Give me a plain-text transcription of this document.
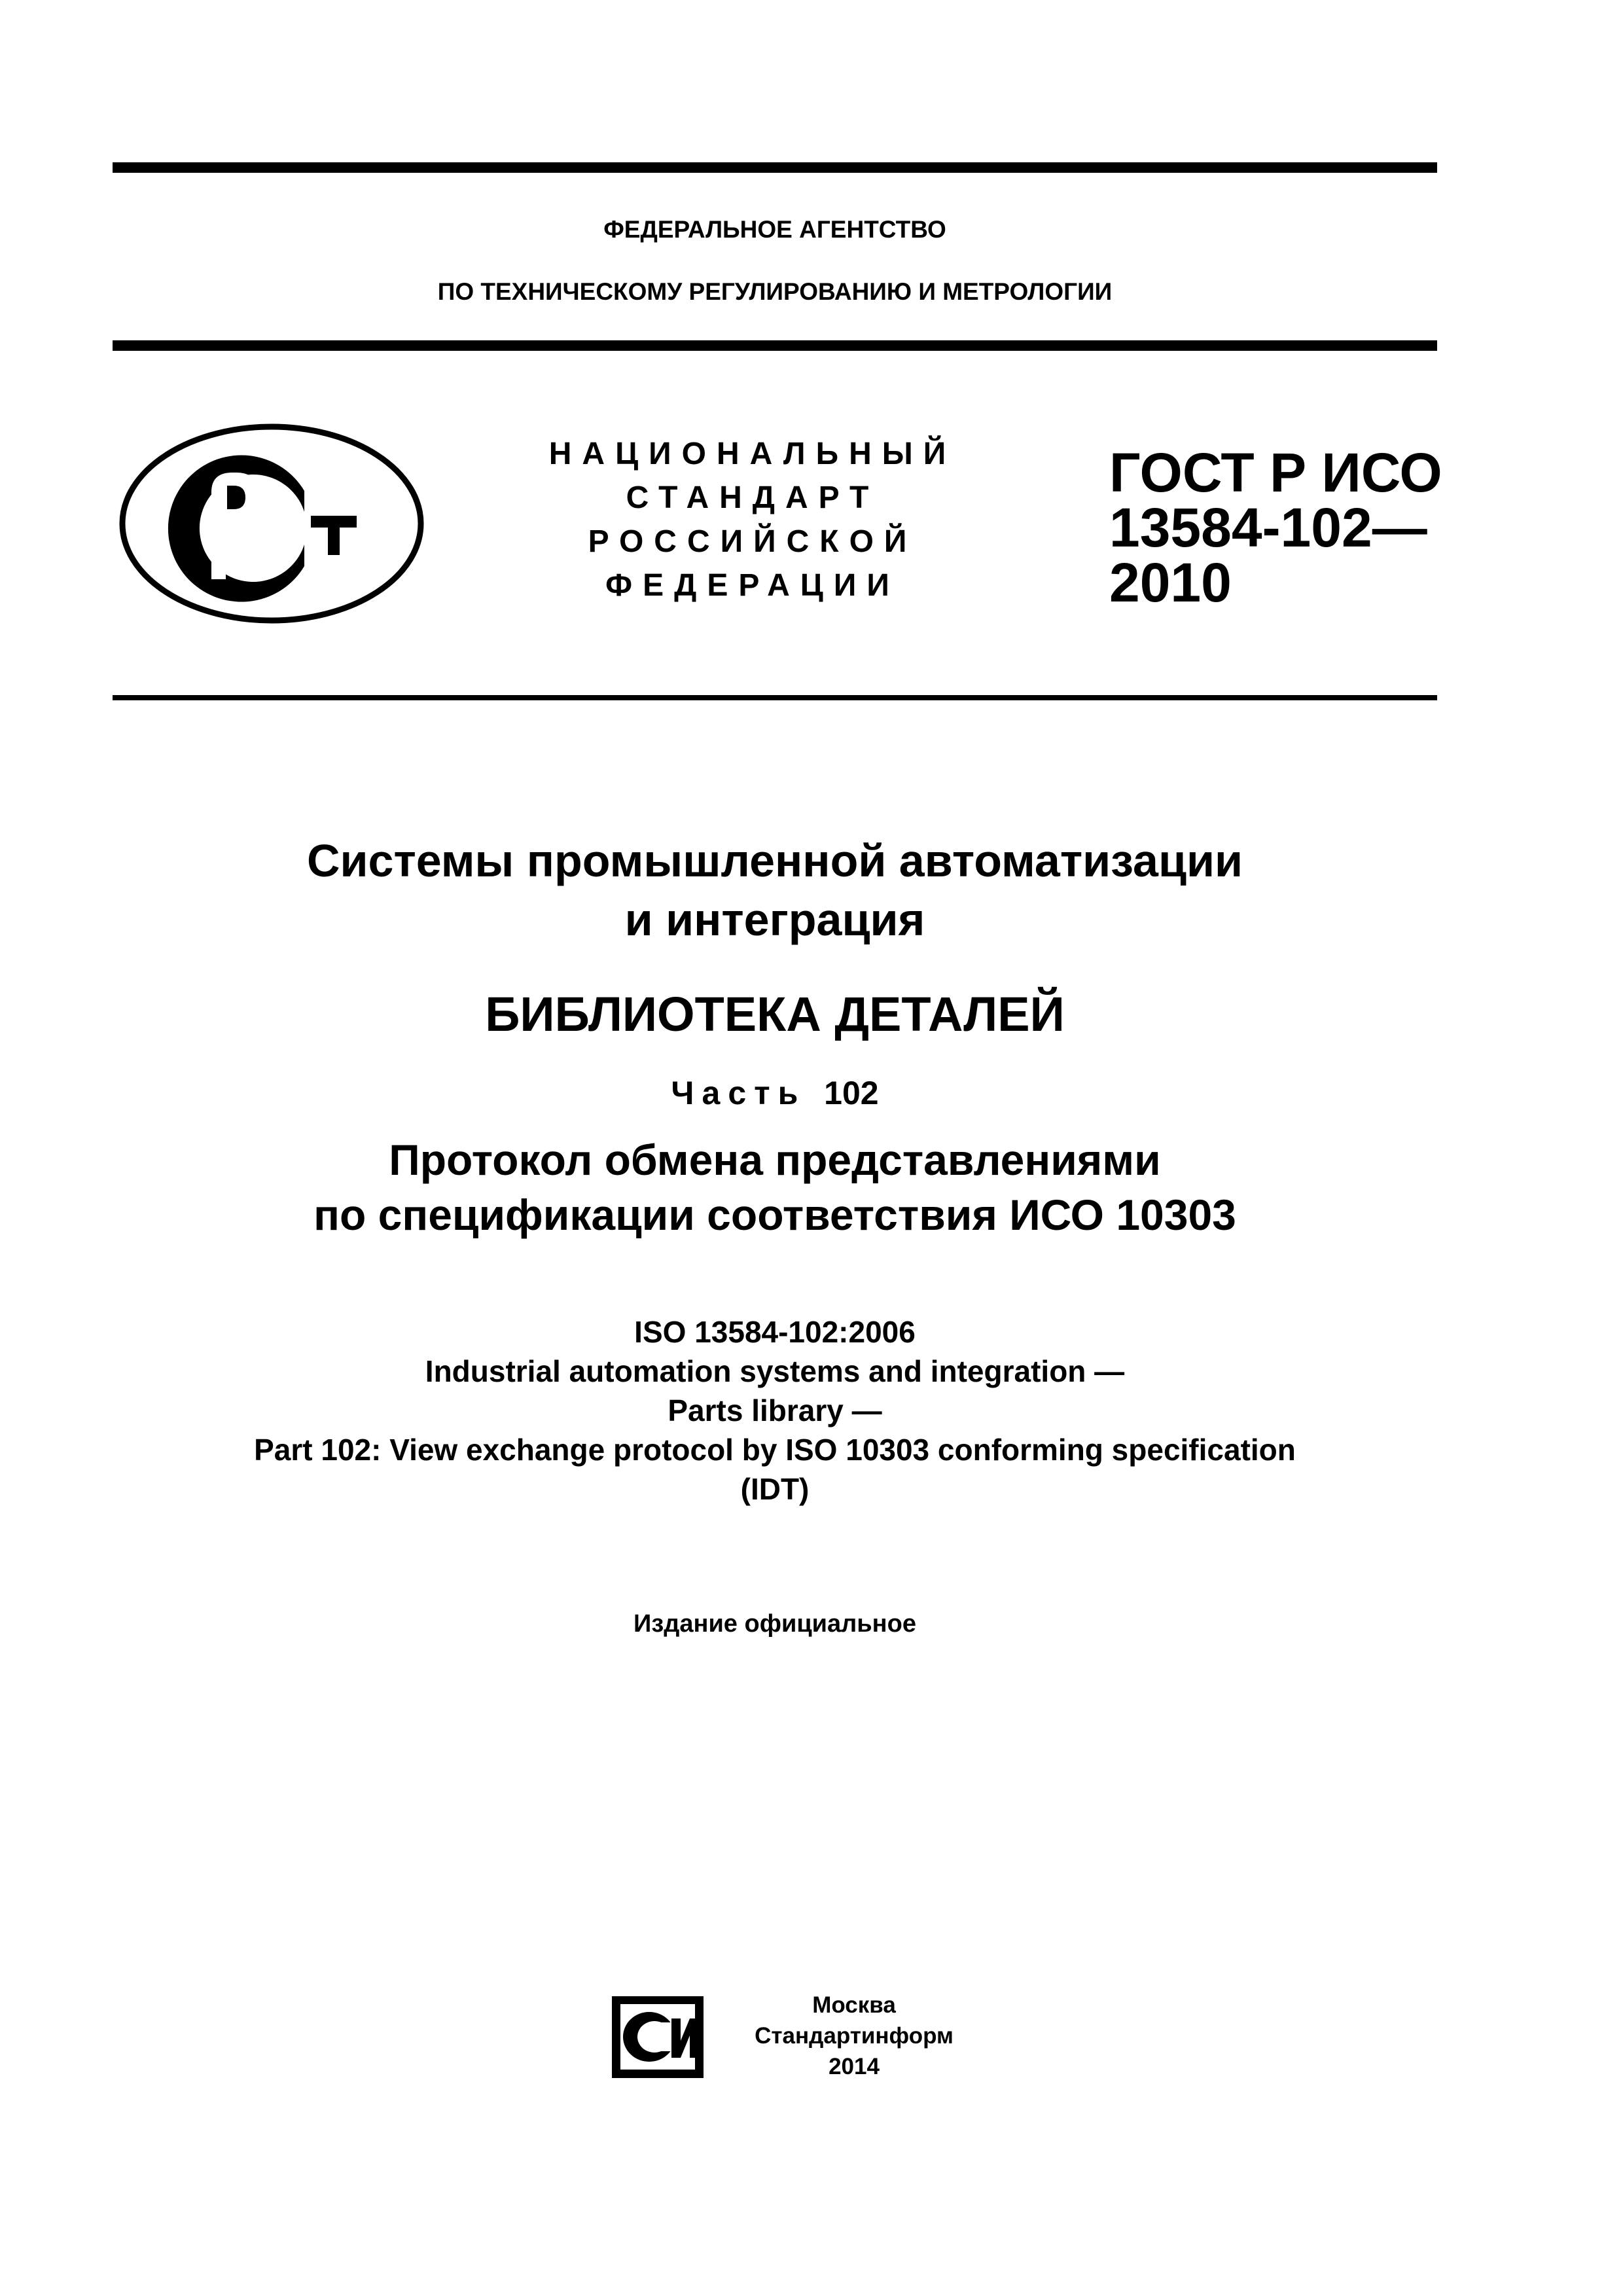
ФЕДЕРАЛЬНОЕ АГЕНТСТВО
ПО ТЕХНИЧЕСКОМУ РЕГУЛИРОВАНИЮ И МЕТРОЛОГИИ
РСТ
НАЦИОНАЛЬНЫЙ
СТАНДАРТ
РОССИЙСКОЙ
ФЕДЕРАЦИИ
ГОСТ Р ИСО
13584-102—
2010
Системы промышленной автоматизации
и интеграция
БИБЛИОТЕКА ДЕТАЛЕЙ
Часть 102
Протокол обмена представлениями
по спецификации соответствия ИСО 10303
ISO 13584-102:2006
Industrial automation systems and integration —
Parts library —
Part 102: View exchange protocol by ISO 10303 conforming specification
(IDT)
Издание официальное
СИ
Москва
Стандартинформ
2014
